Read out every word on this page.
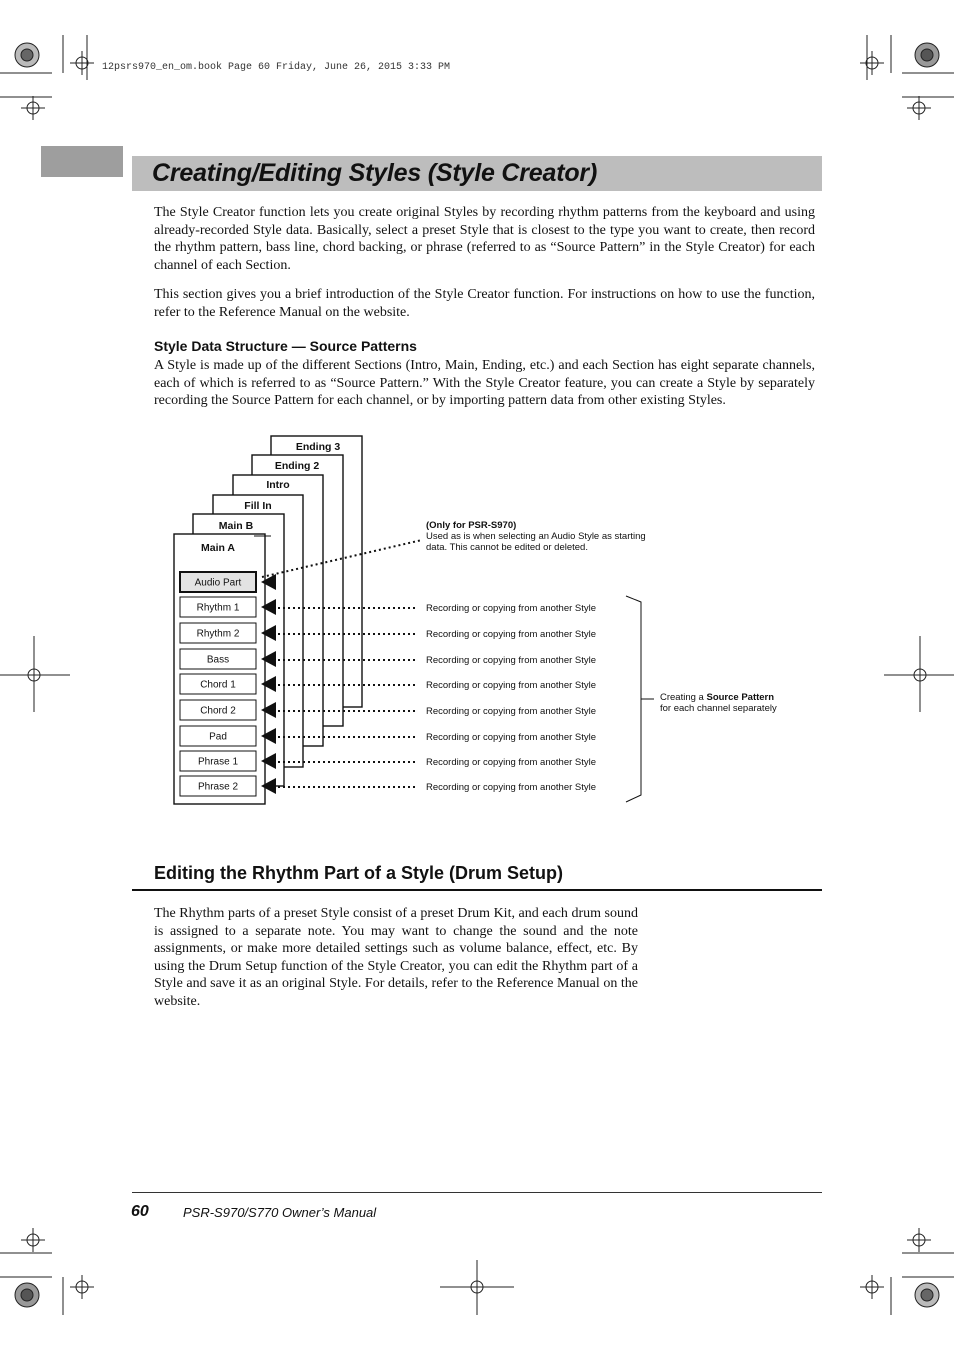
12psrs970_en_om.book Page 60 Friday, June 26, 2015 3:33 PM
Creating/Editing Styles (Style Creator)

The Style Creator function lets you create original Styles by recording rhythm patterns from the keyboard and using already-recorded Style data. Basically, select a preset Style that is closest to the type you want to create, then record the rhythm pattern, bass line, chord backing, or phrase (referred to as “Source Pattern” in the Style Creator) for each channel of each Section.

This section gives you a brief introduction of the Style Creator function. For instructions on how to use the function, refer to the Reference Manual on the website.

Style Data Structure — Source Patterns

A Style is made up of the different Sections (Intro, Main, Ending, etc.) and each Section has eight separate channels, each of which is referred to as “Source Pattern.” With the Style Creator feature, you can create a Style by separately recording the Source Pattern for each channel, or by importing pattern data from other existing Styles.

Ending 3
Ending 2
Intro
Fill In
Main B
Main A
Audio Part
Rhythm 1
Rhythm 2
Bass
Chord 1
Chord 2
Pad
Phrase 1
Phrase 2
(Only for PSR-S970)
Used as is when selecting an Audio Style as starting
data. This cannot be edited or deleted.
Recording or copying from another Style
Recording or copying from another Style
Recording or copying from another Style
Recording or copying from another Style
Recording or copying from another Style
Recording or copying from another Style
Recording or copying from another Style
Recording or copying from another Style
Creating a Source Pattern
for each channel separately
Editing the Rhythm Part of a Style (Drum Setup)

The Rhythm parts of a preset Style consist of a preset Drum Kit, and each drum sound is assigned to a separate note. You may want to change the sound and the note assignments, or make more detailed settings such as volume balance, effect, etc. By using the Drum Setup function of the Style Creator, you can edit the Rhythm part of a Style and save it as an original Style. For details, refer to the Reference Manual on the website.

60	PSR-S970/S770 Owner’s Manual
